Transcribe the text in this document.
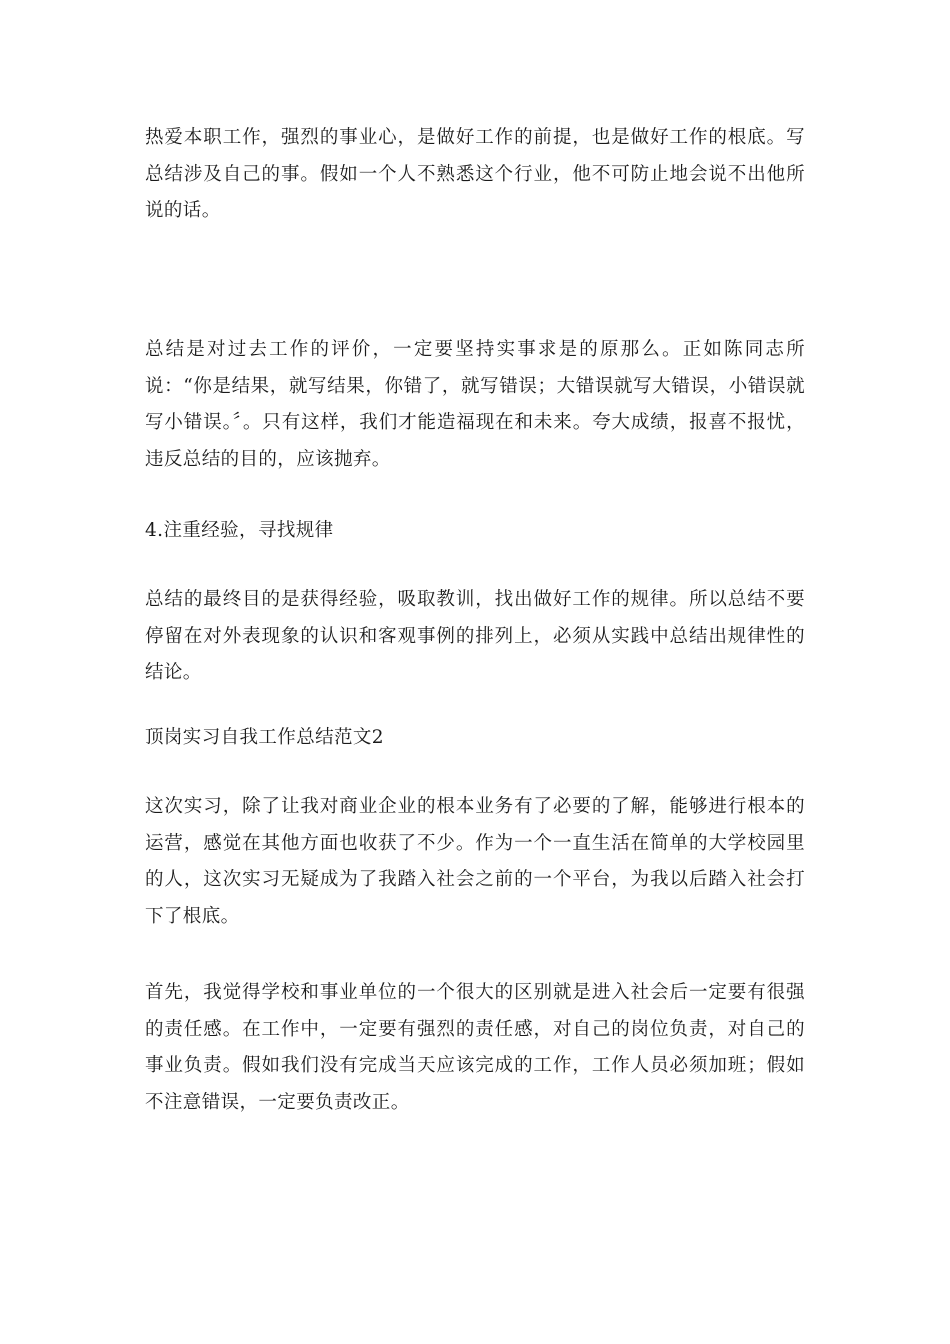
热爱本职工作，强烈的事业心，是做好工作的前提，也是做好工作的根底。写总结涉及自己的事。假如一个人不熟悉这个行业，他不可防止地会说不出他所说的话。

总结是对过去工作的评价，一定要坚持实事求是的原那么。正如陈同志所说：“你是结果，就写结果，你错了，就写错误；大错误就写大错误，小错误就写小错误。〞。只有这样，我们才能造福现在和未来。夸大成绩，报喜不报忧，违反总结的目的，应该抛弃。

4.注重经验，寻找规律

总结的最终目的是获得经验，吸取教训，找出做好工作的规律。所以总结不要停留在对外表现象的认识和客观事例的排列上，必须从实践中总结出规律性的结论。

顶岗实习自我工作总结范文2

这次实习，除了让我对商业企业的根本业务有了必要的了解，能够进行根本的运营，感觉在其他方面也收获了不少。作为一个一直生活在简单的大学校园里的人，这次实习无疑成为了我踏入社会之前的一个平台，为我以后踏入社会打下了根底。

首先，我觉得学校和事业单位的一个很大的区别就是进入社会后一定要有很强的责任感。在工作中，一定要有强烈的责任感，对自己的岗位负责，对自己的事业负责。假如我们没有完成当天应该完成的工作，工作人员必须加班；假如不注意错误，一定要负责改正。
